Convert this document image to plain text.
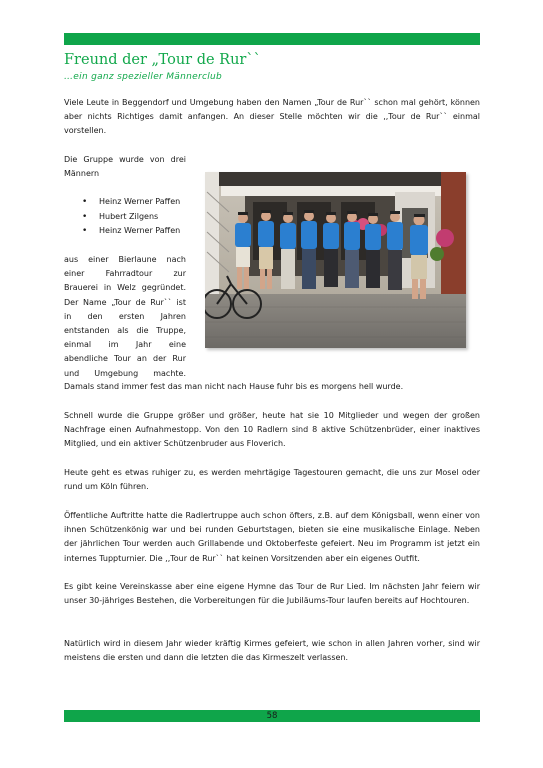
Freund der „Tour de Rur``
…ein ganz spezieller Männerclub

Viele Leute in Beggendorf und Umgebung haben den Namen „Tour de Rur`` schon mal gehört, können aber nichts Richtiges damit anfangen. An dieser Stelle möchten wir die ,,Tour de Rur`` einmal vorstellen.

Die Gruppe wurde von drei Männern
• Heinz Werner Paffen
• Hubert Zilgens
• Heinz Werner Paffen
aus einer Bierlaune nach
einer Fahrradtour zur
Brauerei in Welz gegründet.
Der Name „Tour de Rur`` ist
in den ersten Jahren
entstanden als die Truppe,
einmal im Jahr eine
abendliche Tour an der Rur
und Umgebung machte.

Damals stand immer fest das man nicht nach Hause fuhr bis es morgens hell wurde.

Schnell wurde die Gruppe größer und größer, heute hat sie 10 Mitglieder und wegen der großen Nachfrage einen Aufnahmestopp. Von den 10 Radlern sind 8 aktive Schützenbrüder, einer inaktives Mitglied, und ein aktiver Schützenbruder aus Floverich.

Heute geht es etwas ruhiger zu, es werden mehrtägige Tagestouren gemacht, die uns zur Mosel oder rund um Köln führen.

Öffentliche Auftritte hatte die Radlertruppe auch schon öfters, z.B. auf dem Königsball, wenn einer von ihnen Schützenkönig war und bei runden Geburtstagen, bieten sie eine musikalische Einlage. Neben der jährlichen Tour werden auch Grillabende und Oktoberfeste gefeiert. Neu im Programm ist jetzt ein internes Tuppturnier. Die ,,Tour de Rur`` hat keinen Vorsitzenden aber ein eigenes Outfit.

Es gibt keine Vereinskasse aber eine eigene Hymne das Tour de Rur Lied. Im nächsten Jahr feiern wir unser 30-jähriges Bestehen, die Vorbereitungen für die Jubiläums-Tour laufen bereits auf Hochtouren.

Natürlich wird in diesem Jahr wieder kräftig Kirmes gefeiert, wie schon in allen Jahren vorher, sind wir meistens die ersten und dann die letzten die das Kirmeszelt verlassen.

58
